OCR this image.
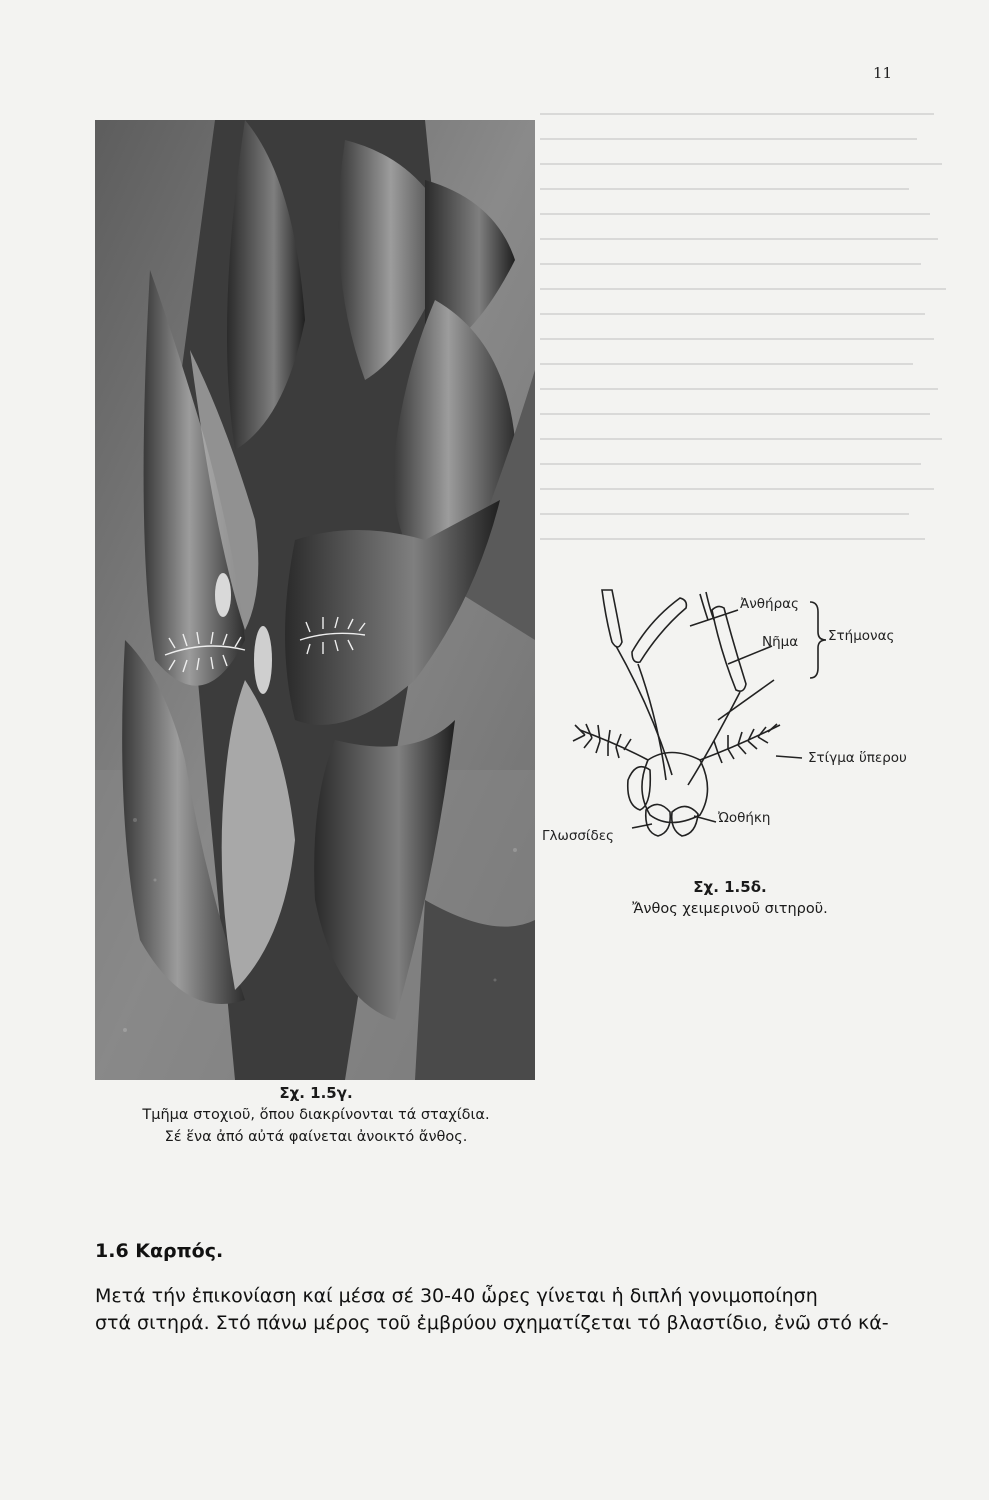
11
Σχ. 1.5γ.
Τμῆμα στοχιοῦ, ὅπου διακρίνονται τά σταχίδια.
Σέ ἕνα ἀπό αὐτά φαίνεται ἀνοικτό ἄνθος.
Ἀνθήρας
Νῆμα Στήμονας
Στίγμα ὕπερου
Ὠοθήκη
Γλωσσίδες
Σχ. 1.5δ.
Ἄνθος χειμερινοῦ σιτηροῦ.
1.6 Καρπός.

Μετά τήν ἐπικονίαση καί μέσα σέ 30-40 ὧρες γίνεται ἡ διπλή γονιμοποίηση

στά σιτηρά. Στό πάνω μέρος τοῦ ἐμβρύου σχηματίζεται τό βλαστίδιο, ἐνῶ στό κά-
